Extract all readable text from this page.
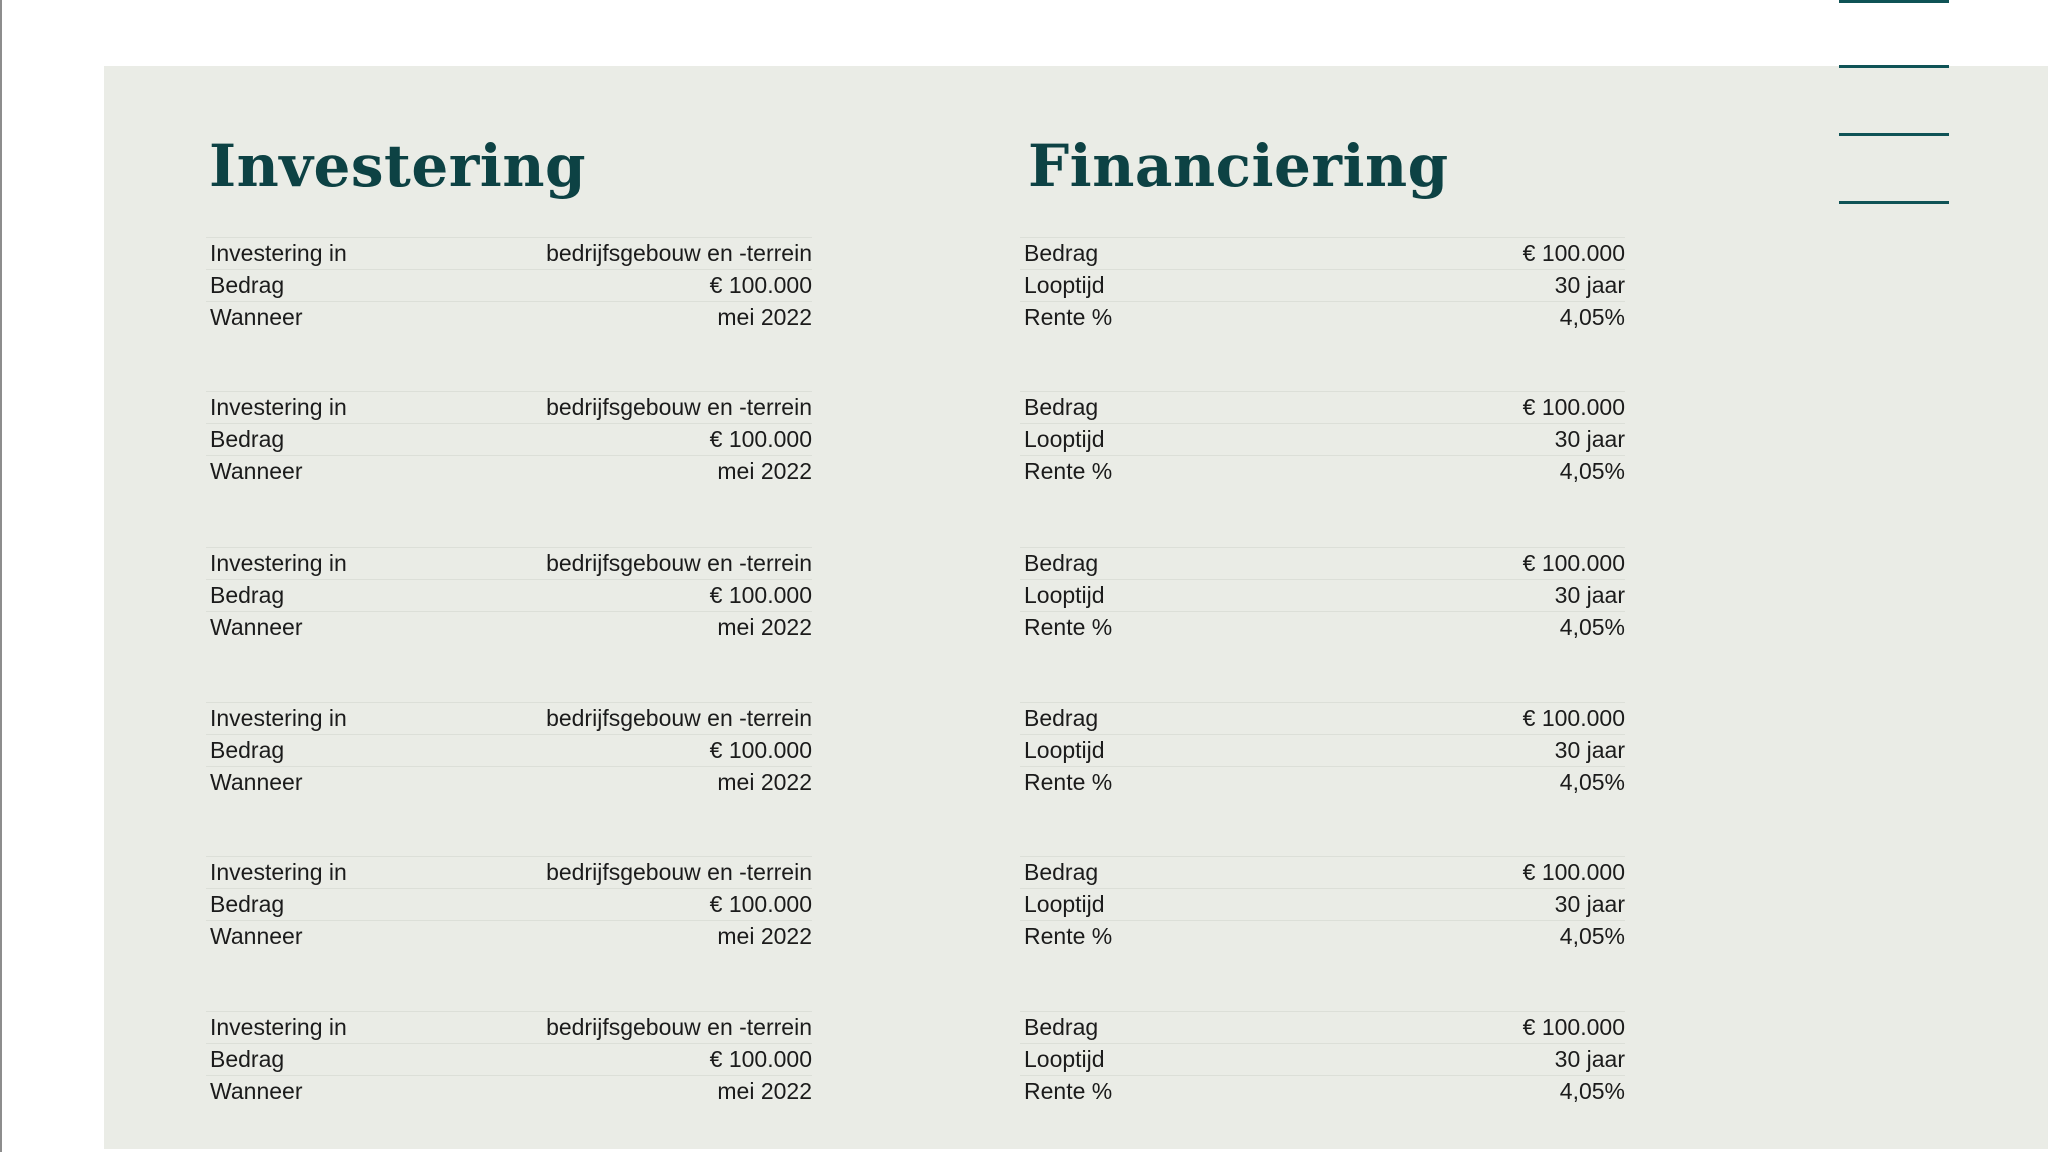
Investering	Financiering
Investering in	bedrijfsgebouw en -terrein
Bedrag	€ 100.000
Wanneer	mei 2022
Investering in	bedrijfsgebouw en -terrein
Bedrag	€ 100.000
Wanneer	mei 2022
Investering in	bedrijfsgebouw en -terrein
Bedrag	€ 100.000
Wanneer	mei 2022
Investering in	bedrijfsgebouw en -terrein
Bedrag	€ 100.000
Wanneer	mei 2022
Investering in	bedrijfsgebouw en -terrein
Bedrag	€ 100.000
Wanneer	mei 2022
Investering in	bedrijfsgebouw en -terrein
Bedrag	€ 100.000
Wanneer	mei 2022
Bedrag	€ 100.000
Looptijd	30 jaar
Rente %	4,05%
Bedrag	€ 100.000
Looptijd	30 jaar
Rente %	4,05%
Bedrag	€ 100.000
Looptijd	30 jaar
Rente %	4,05%
Bedrag	€ 100.000
Looptijd	30 jaar
Rente %	4,05%
Bedrag	€ 100.000
Looptijd	30 jaar
Rente %	4,05%
Bedrag	€ 100.000
Looptijd	30 jaar
Rente %	4,05%
